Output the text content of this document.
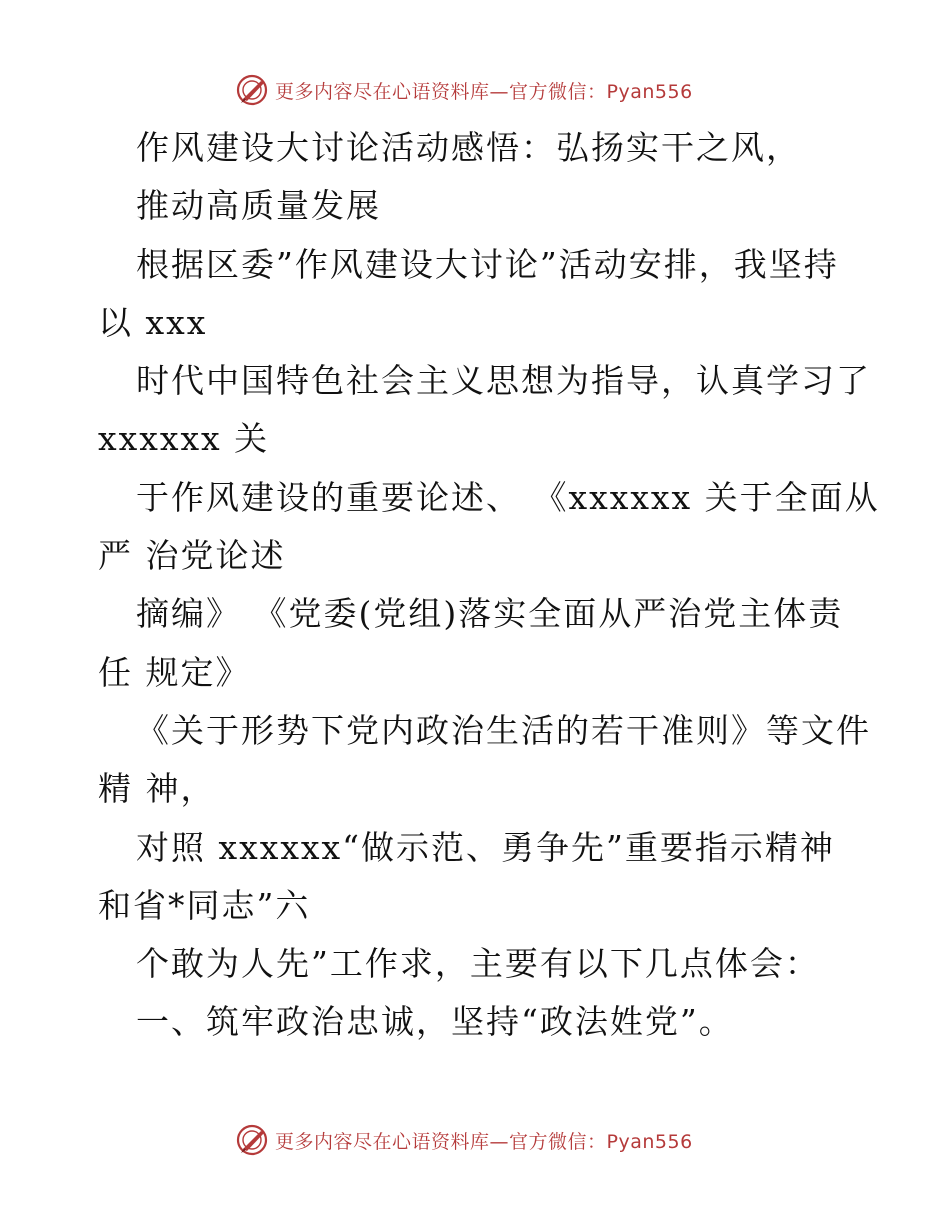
更多内容尽在心语资料库—官方微信：Pyan556
作风建设大讨论活动感悟：弘扬实干之风，
推动高质量发展
根据区委”作风建设大讨论”活动安排，我坚持
以 xxx
时代中国特色社会主义思想为指导，认真学习了
xxxxxx 关
于作风建设的重要论述、 《xxxxxx 关于全面从
严 治党论述
摘编》 《党委(党组)落实全面从严治党主体责
任 规定》
《关于形势下党内政治生活的若干准则》等文件
精 神，
对照 xxxxxx“做示范、勇争先”重要指示精神
和省*同志”六
个敢为人先”工作求，主要有以下几点体会：
一、筑牢政治忠诚，坚持“政法姓党”。
更多内容尽在心语资料库—官方微信：Pyan556
